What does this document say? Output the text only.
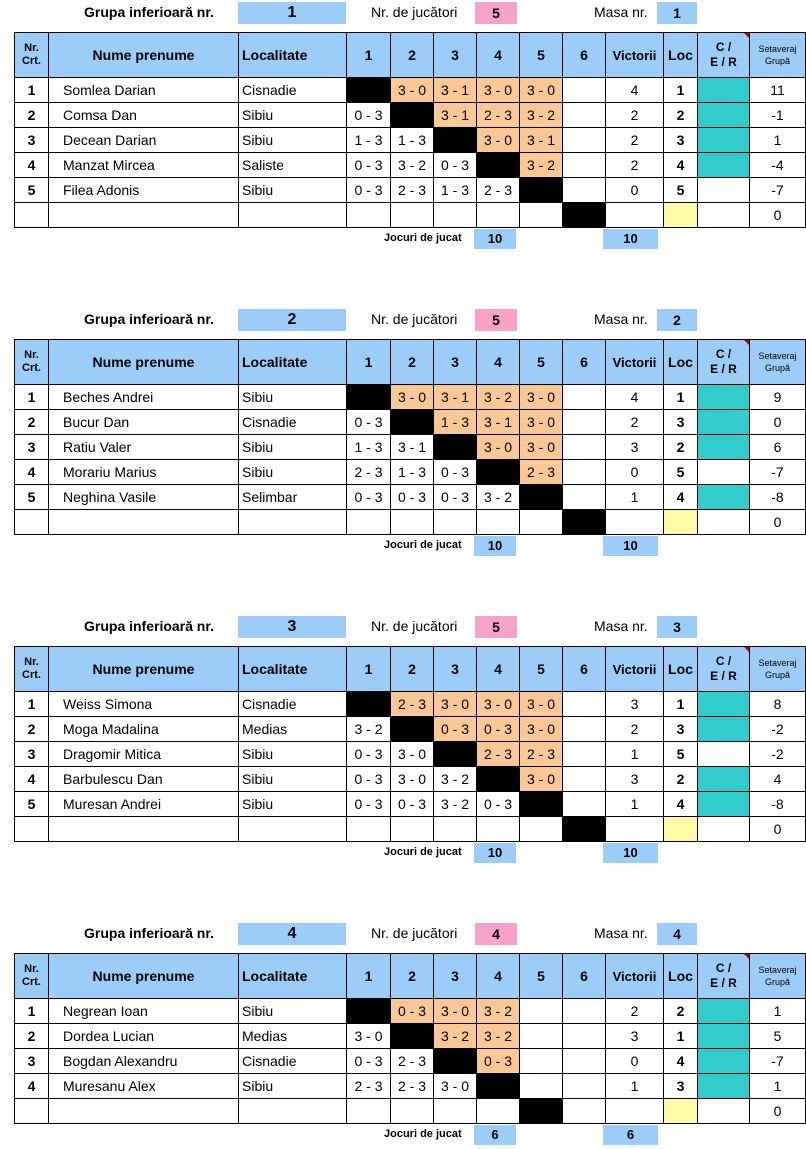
Grupa inferioară nr.	1	Nr. de jucători	5	Masa nr.	1
Nr.
Crt.	Nume prenume	Localitate	1	2	3	4	5	6	Victorii	Loc	C /
E / R	Setaveraj
Grupă
1	Somlea Darian	Cisnadie		3 - 0	3 - 1	3 - 0	3 - 0		4	1		11
2	Comsa Dan	Sibiu	0 - 3		3 - 1	2 - 3	3 - 2		2	2		-1
3	Decean Darian	Sibiu	1 - 3	1 - 3		3 - 0	3 - 1		2	3		1
4	Manzat Mircea	Saliste	0 - 3	3 - 2	0 - 3		3 - 2		2	4		-4
5	Filea Adonis	Sibiu	0 - 3	2 - 3	1 - 3	2 - 3			0	5		-7
												0
Jocuri de jucat	10	10
Grupa inferioară nr.	2	Nr. de jucători	5	Masa nr.	2
Nr.
Crt.	Nume prenume	Localitate	1	2	3	4	5	6	Victorii	Loc	C /
E / R	Setaveraj
Grupă
1	Beches Andrei	Sibiu		3 - 0	3 - 1	3 - 2	3 - 0		4	1		9
2	Bucur Dan	Cisnadie	0 - 3		1 - 3	3 - 1	3 - 0		2	3		0
3	Ratiu Valer	Sibiu	1 - 3	3 - 1		3 - 0	3 - 0		3	2		6
4	Morariu Marius	Sibiu	2 - 3	1 - 3	0 - 3		2 - 3		0	5		-7
5	Neghina Vasile	Selimbar	0 - 3	0 - 3	0 - 3	3 - 2			1	4		-8
												0
Jocuri de jucat	10	10
Grupa inferioară nr.	3	Nr. de jucători	5	Masa nr.	3
Nr.
Crt.	Nume prenume	Localitate	1	2	3	4	5	6	Victorii	Loc	C /
E / R	Setaveraj
Grupă
1	Weiss Simona	Cisnadie		2 - 3	3 - 0	3 - 0	3 - 0		3	1		8
2	Moga Madalina	Medias	3 - 2		0 - 3	0 - 3	3 - 0		2	3		-2
3	Dragomir Mitica	Sibiu	0 - 3	3 - 0		2 - 3	2 - 3		1	5		-2
4	Barbulescu Dan	Sibiu	0 - 3	3 - 0	3 - 2		3 - 0		3	2		4
5	Muresan Andrei	Sibiu	0 - 3	0 - 3	3 - 2	0 - 3			1	4		-8
												0
Jocuri de jucat	10	10
Grupa inferioară nr.	4	Nr. de jucători	4	Masa nr.	4
Nr.
Crt.	Nume prenume	Localitate	1	2	3	4	5	6	Victorii	Loc	C /
E / R	Setaveraj
Grupă
1	Negrean Ioan	Sibiu		0 - 3	3 - 0	3 - 2			2	2		1
2	Dordea Lucian	Medias	3 - 0		3 - 2	3 - 2			3	1		5
3	Bogdan Alexandru	Cisnadie	0 - 3	2 - 3		0 - 3			0	4		-7
4	Muresanu Alex	Sibiu	2 - 3	2 - 3	3 - 0				1	3		1
												0
Jocuri de jucat	6	6
